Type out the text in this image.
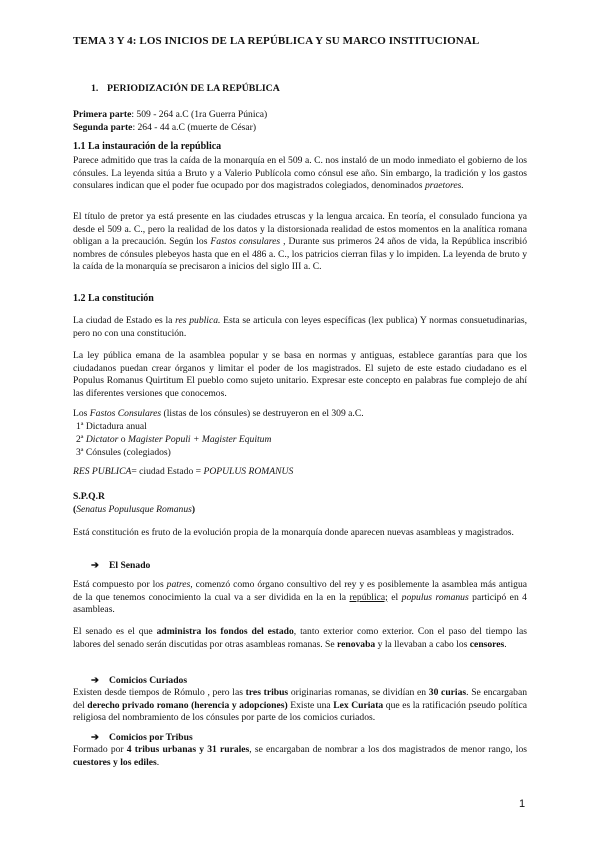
TEMA 3 Y 4: LOS INICIOS DE LA REPÚBLICA Y SU MARCO INSTITUCIONAL
1. PERIODIZACIÓN DE LA REPÚBLICA
Primera parte: 509 - 264 a.C (1ra Guerra Púnica)
Segunda parte: 264 - 44 a.C (muerte de César)
1.1 La instauración de la república

Parece admitido que tras la caída de la monarquía en el 509 a. C. nos instaló de un modo inmediato el gobierno de los cónsules. La leyenda sitúa a Bruto y a Valerio Publícola como cónsul ese año. Sin embargo, la tradición y los gastos consulares indican que el poder fue ocupado por dos magistrados colegiados, denominados praetores.

El título de pretor ya está presente en las ciudades etruscas y la lengua arcaica. En teoría, el consulado funciona ya desde el 509 a. C., pero la realidad de los datos y la distorsionada realidad de estos momentos en la analítica romana obligan a la precaución. Según los Fastos consulares , Durante sus primeros 24 años de vida, la República inscribió nombres de cónsules plebeyos hasta que en el 486 a. C., los patricios cierran filas y lo impiden. La leyenda de bruto y la caída de la monarquía se precisaron a inicios del siglo III a. C.

1.2 La constitución

La ciudad de Estado es la res publica. Esta se articula con leyes específicas (lex publica) Y normas consuetudinarias, pero no con una constitución.

La ley pública emana de la asamblea popular y se basa en normas y antiguas, establece garantías para que los ciudadanos puedan crear órganos y limitar el poder de los magistrados. El sujeto de este estado ciudadano es el Populus Romanus Quirtitum El pueblo como sujeto unitario. Expresar este concepto en palabras fue complejo de ahí las diferentes versiones que conocemos.

Los Fastos Consulares (listas de los cónsules) se destruyeron en el 309 a.C.
1ª Dictadura anual
2ª Dictator o Magister Populi + Magister Equitum
3ª Cónsules (colegiados)
RES PUBLICA= ciudad Estado = POPULUS ROMANUS
S.P.Q.R
(Senatus Populusque Romanus)

Está constitución es fruto de la evolución propia de la monarquía donde aparecen nuevas asambleas y magistrados.

➔ El Senado

Está compuesto por los patres, comenzó como órgano consultivo del rey y es posiblemente la asamblea más antigua de la que tenemos conocimiento la cual va a ser dividida en la en la república; el populus romanus participó en 4 asambleas.

El senado es el que administra los fondos del estado, tanto exterior como exterior. Con el paso del tiempo las labores del senado serán discutidas por otras asambleas romanas. Se renovaba y la llevaban a cabo los censores.

➔ Comicios Curiados

Existen desde tiempos de Rómulo , pero las tres tribus originarias romanas, se dividían en 30 curias. Se encargaban del derecho privado romano (herencia y adopciones) Existe una Lex Curiata que es la ratificación pseudo política religiosa del nombramiento de los cónsules por parte de los comicios curiados.

➔ Comicios por Tribus

Formado por 4 tribus urbanas y 31 rurales, se encargaban de nombrar a los dos magistrados de menor rango, los cuestores y los ediles.

1
